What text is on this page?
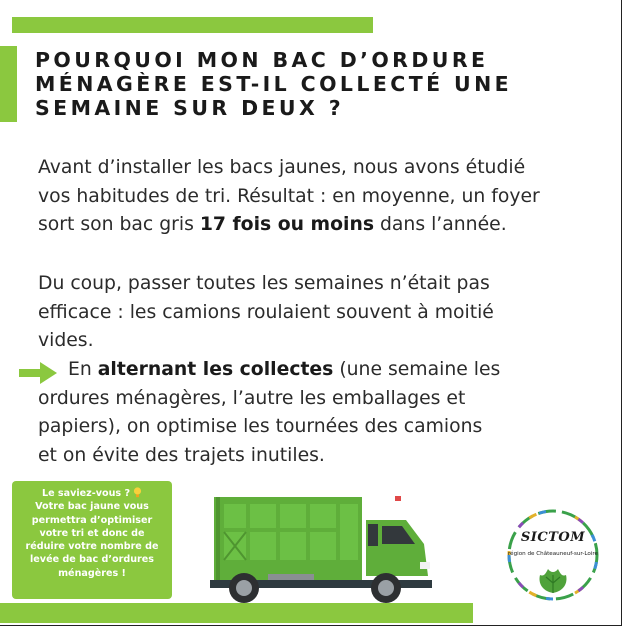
POURQUOI MON BAC D’ORDURE
MÉNAGÈRE EST-IL COLLECTÉ UNE
SEMAINE SUR DEUX ?
Avant d’installer les bacs jaunes, nous avons étudié
vos habitudes de tri. Résultat : en moyenne, un foyer
sort son bac gris 17 fois ou moins dans l’année.
Du coup, passer toutes les semaines n’était pas
efficace : les camions roulaient souvent à moitié
vides.
En alternant les collectes (une semaine les
ordures ménagères, l’autre les emballages et
papiers), on optimise les tournées des camions
et on évite des trajets inutiles.
Le saviez-vous ?
Votre bac jaune vous
permettra d’optimiser
votre tri et donc de
réduire votre nombre de
levée de bac d’ordures
ménagères !
SICTOM
région de Châteauneuf-sur-Loire
